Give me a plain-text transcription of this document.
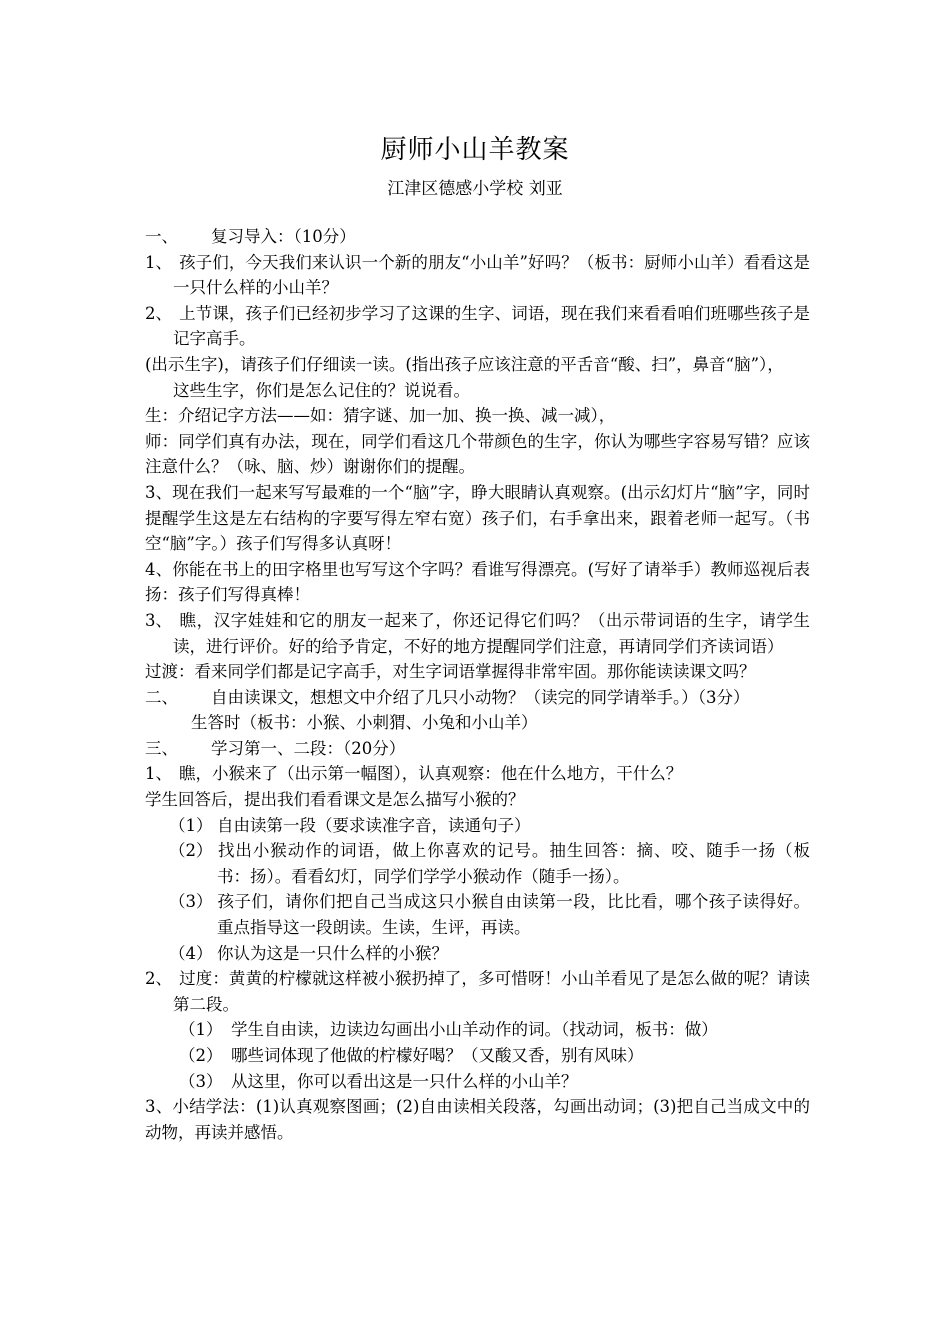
厨师小山羊教案
江津区德感小学校 刘亚

一、 复习导入：（10分）

1、 孩子们，今天我们来认识一个新的朋友“小山羊”好吗？（板书：厨师小山羊）看看这是一只什么样的小山羊？

2、 上节课，孩子们已经初步学习了这课的生字、词语，现在我们来看看咱们班哪些孩子是记字高手。

(出示生字)，请孩子们仔细读一读。(指出孩子应该注意的平舌音“酸、扫”，鼻音“脑”），

这些生字，你们是怎么记住的？说说看。

生：介绍记字方法——如：猜字谜、加一加、换一换、减一减），

师：同学们真有办法，现在，同学们看这几个带颜色的生字，你认为哪些字容易写错？应该注意什么？（咏、脑、炒）谢谢你们的提醒。

3、现在我们一起来写写最难的一个“脑”字，睁大眼睛认真观察。(出示幻灯片“脑”字，同时提醒学生这是左右结构的字要写得左窄右宽）孩子们，右手拿出来，跟着老师一起写。（书空“脑”字。）孩子们写得多认真呀！

4、你能在书上的田字格里也写写这个字吗？看谁写得漂亮。(写好了请举手）教师巡视后表扬：孩子们写得真棒！

3、 瞧，汉字娃娃和它的朋友一起来了，你还记得它们吗？（出示带词语的生字，请学生读，进行评价。好的给予肯定，不好的地方提醒同学们注意，再请同学们齐读词语）

过渡：看来同学们都是记字高手，对生字词语掌握得非常牢固。那你能读读课文吗？

二、 自由读课文，想想文中介绍了几只小动物？（读完的同学请举手。）（3分）

生答时（板书：小猴、小刺猬、小兔和小山羊）

三、 学习第一、二段：（20分）

1、 瞧，小猴来了（出示第一幅图），认真观察：他在什么地方，干什么？

学生回答后，提出我们看看课文是怎么描写小猴的？

（1） 自由读第一段（要求读准字音，读通句子）

（2） 找出小猴动作的词语，做上你喜欢的记号。抽生回答：摘、咬、随手一扬（板书：扬）。看看幻灯，同学们学学小猴动作（随手一扬）。

（3） 孩子们，请你们把自己当成这只小猴自由读第一段，比比看，哪个孩子读得好。重点指导这一段朗读。生读，生评，再读。

（4） 你认为这是一只什么样的小猴？

2、 过度：黄黄的柠檬就这样被小猴扔掉了，多可惜呀！小山羊看见了是怎么做的呢？请读第二段。

（1） 学生自由读，边读边勾画出小山羊动作的词。（找动词，板书：做）

（2） 哪些词体现了他做的柠檬好喝？（又酸又香，别有风味）

（3） 从这里，你可以看出这是一只什么样的小山羊？

3、小结学法：(1)认真观察图画；(2)自由读相关段落，勾画出动词；(3)把自己当成文中的动物，再读并感悟。
